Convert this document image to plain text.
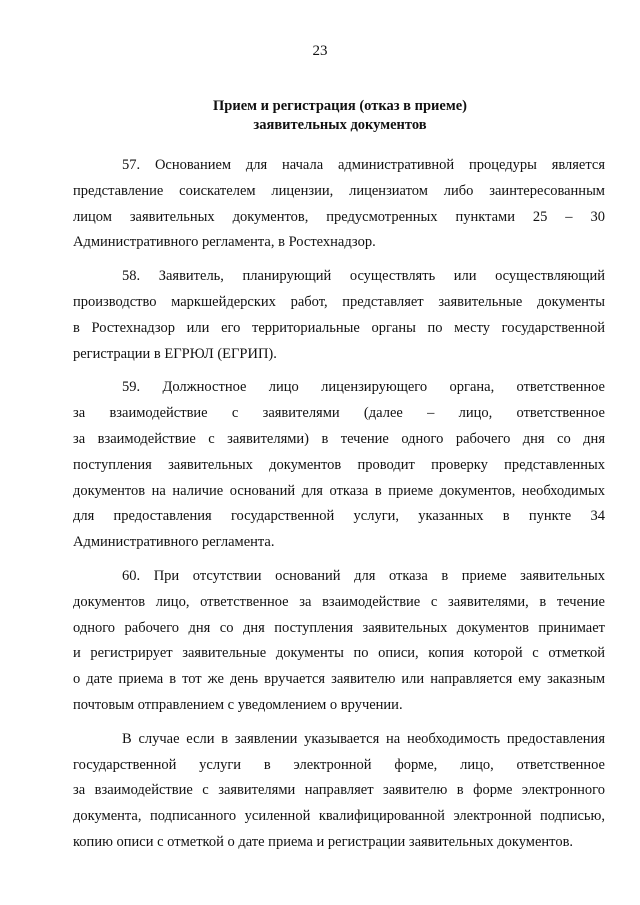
23
Прием и регистрация (отказ в приеме)
заявительных документов
57. Основанием для начала административной процедуры является
представление соискателем лицензии, лицензиатом либо заинтересованным
лицом заявительных документов, предусмотренных пунктами 25 – 30
Административного регламента, в Ростехнадзор.
58. Заявитель, планирующий осуществлять или осуществляющий
производство маркшейдерских работ, представляет заявительные документы
в Ростехнадзор или его территориальные органы по месту государственной
регистрации в ЕГРЮЛ (ЕГРИП).
59. Должностное лицо лицензирующего органа, ответственное
за взаимодействие с заявителями (далее – лицо, ответственное
за взаимодействие с заявителями) в течение одного рабочего дня со дня
поступления заявительных документов проводит проверку представленных
документов на наличие оснований для отказа в приеме документов, необходимых
для предоставления государственной услуги, указанных в пункте 34
Административного регламента.
60. При отсутствии оснований для отказа в приеме заявительных
документов лицо, ответственное за взаимодействие с заявителями, в течение
одного рабочего дня со дня поступления заявительных документов принимает
и регистрирует заявительные документы по описи, копия которой с отметкой
о дате приема в тот же день вручается заявителю или направляется ему заказным
почтовым отправлением с уведомлением о вручении.
В случае если в заявлении указывается на необходимость предоставления
государственной услуги в электронной форме, лицо, ответственное
за взаимодействие с заявителями направляет заявителю в форме электронного
документа, подписанного усиленной квалифицированной электронной подписью,
копию описи с отметкой о дате приема и регистрации заявительных документов.
